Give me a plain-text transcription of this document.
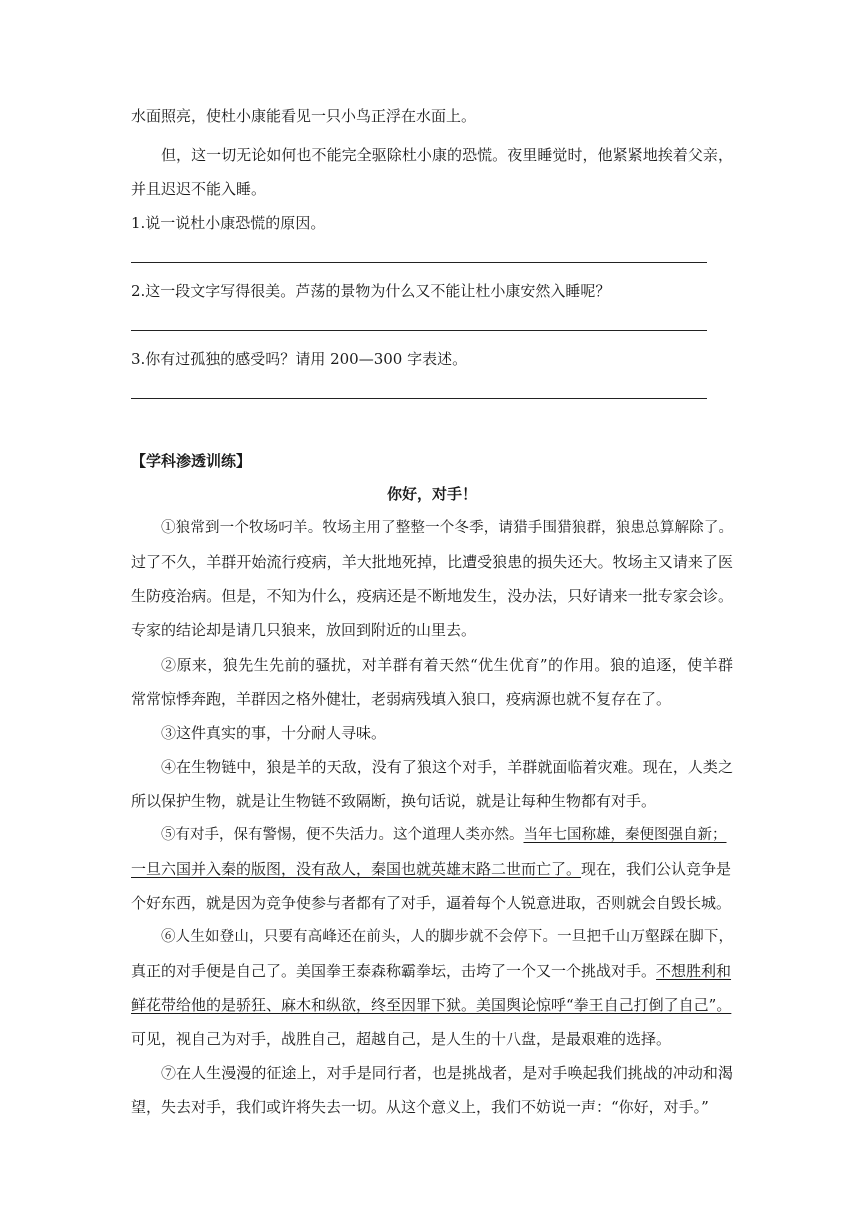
水面照亮，使杜小康能看见一只小鸟正浮在水面上。
但，这一切无论如何也不能完全驱除杜小康的恐慌。夜里睡觉时，他紧紧地挨着父亲，
并且迟迟不能入睡。
1.说一说杜小康恐慌的原因。
2.这一段文字写得很美。芦荡的景物为什么又不能让杜小康安然入睡呢？
3.你有过孤独的感受吗？请用 200—300 字表述。
【学科渗透训练】
你好，对手！
①狼常到一个牧场叼羊。牧场主用了整整一个冬季，请猎手围猎狼群，狼患总算解除了。
过了不久，羊群开始流行疫病，羊大批地死掉，比遭受狼患的损失还大。牧场主又请来了医
生防疫治病。但是，不知为什么，疫病还是不断地发生，没办法，只好请来一批专家会诊。
专家的结论却是请几只狼来，放回到附近的山里去。
②原来，狼先生先前的骚扰，对羊群有着天然“优生优育”的作用。狼的追逐，使羊群
常常惊悸奔跑，羊群因之格外健壮，老弱病残填入狼口，疫病源也就不复存在了。
③这件真实的事，十分耐人寻味。
④在生物链中，狼是羊的天敌，没有了狼这个对手，羊群就面临着灾难。现在，人类之
所以保护生物，就是让生物链不致隔断，换句话说，就是让每种生物都有对手。
⑤有对手，保有警惕，便不失活力。这个道理人类亦然。当年七国称雄，秦便图强自新；
一旦六国并入秦的版图，没有敌人，秦国也就英雄末路二世而亡了。现在，我们公认竞争是
个好东西，就是因为竞争使参与者都有了对手，逼着每个人锐意进取，否则就会自毁长城。
⑥人生如登山，只要有高峰还在前头，人的脚步就不会停下。一旦把千山万壑踩在脚下，
真正的对手便是自己了。美国拳王泰森称霸拳坛，击垮了一个又一个挑战对手。不想胜利和
鲜花带给他的是骄狂、麻木和纵欲，终至因罪下狱。美国舆论惊呼“拳王自己打倒了自己”。
可见，视自己为对手，战胜自己，超越自己，是人生的十八盘，是最艰难的选择。
⑦在人生漫漫的征途上，对手是同行者，也是挑战者，是对手唤起我们挑战的冲动和渴
望，失去对手，我们或许将失去一切。从这个意义上，我们不妨说一声：“你好，对手。”
